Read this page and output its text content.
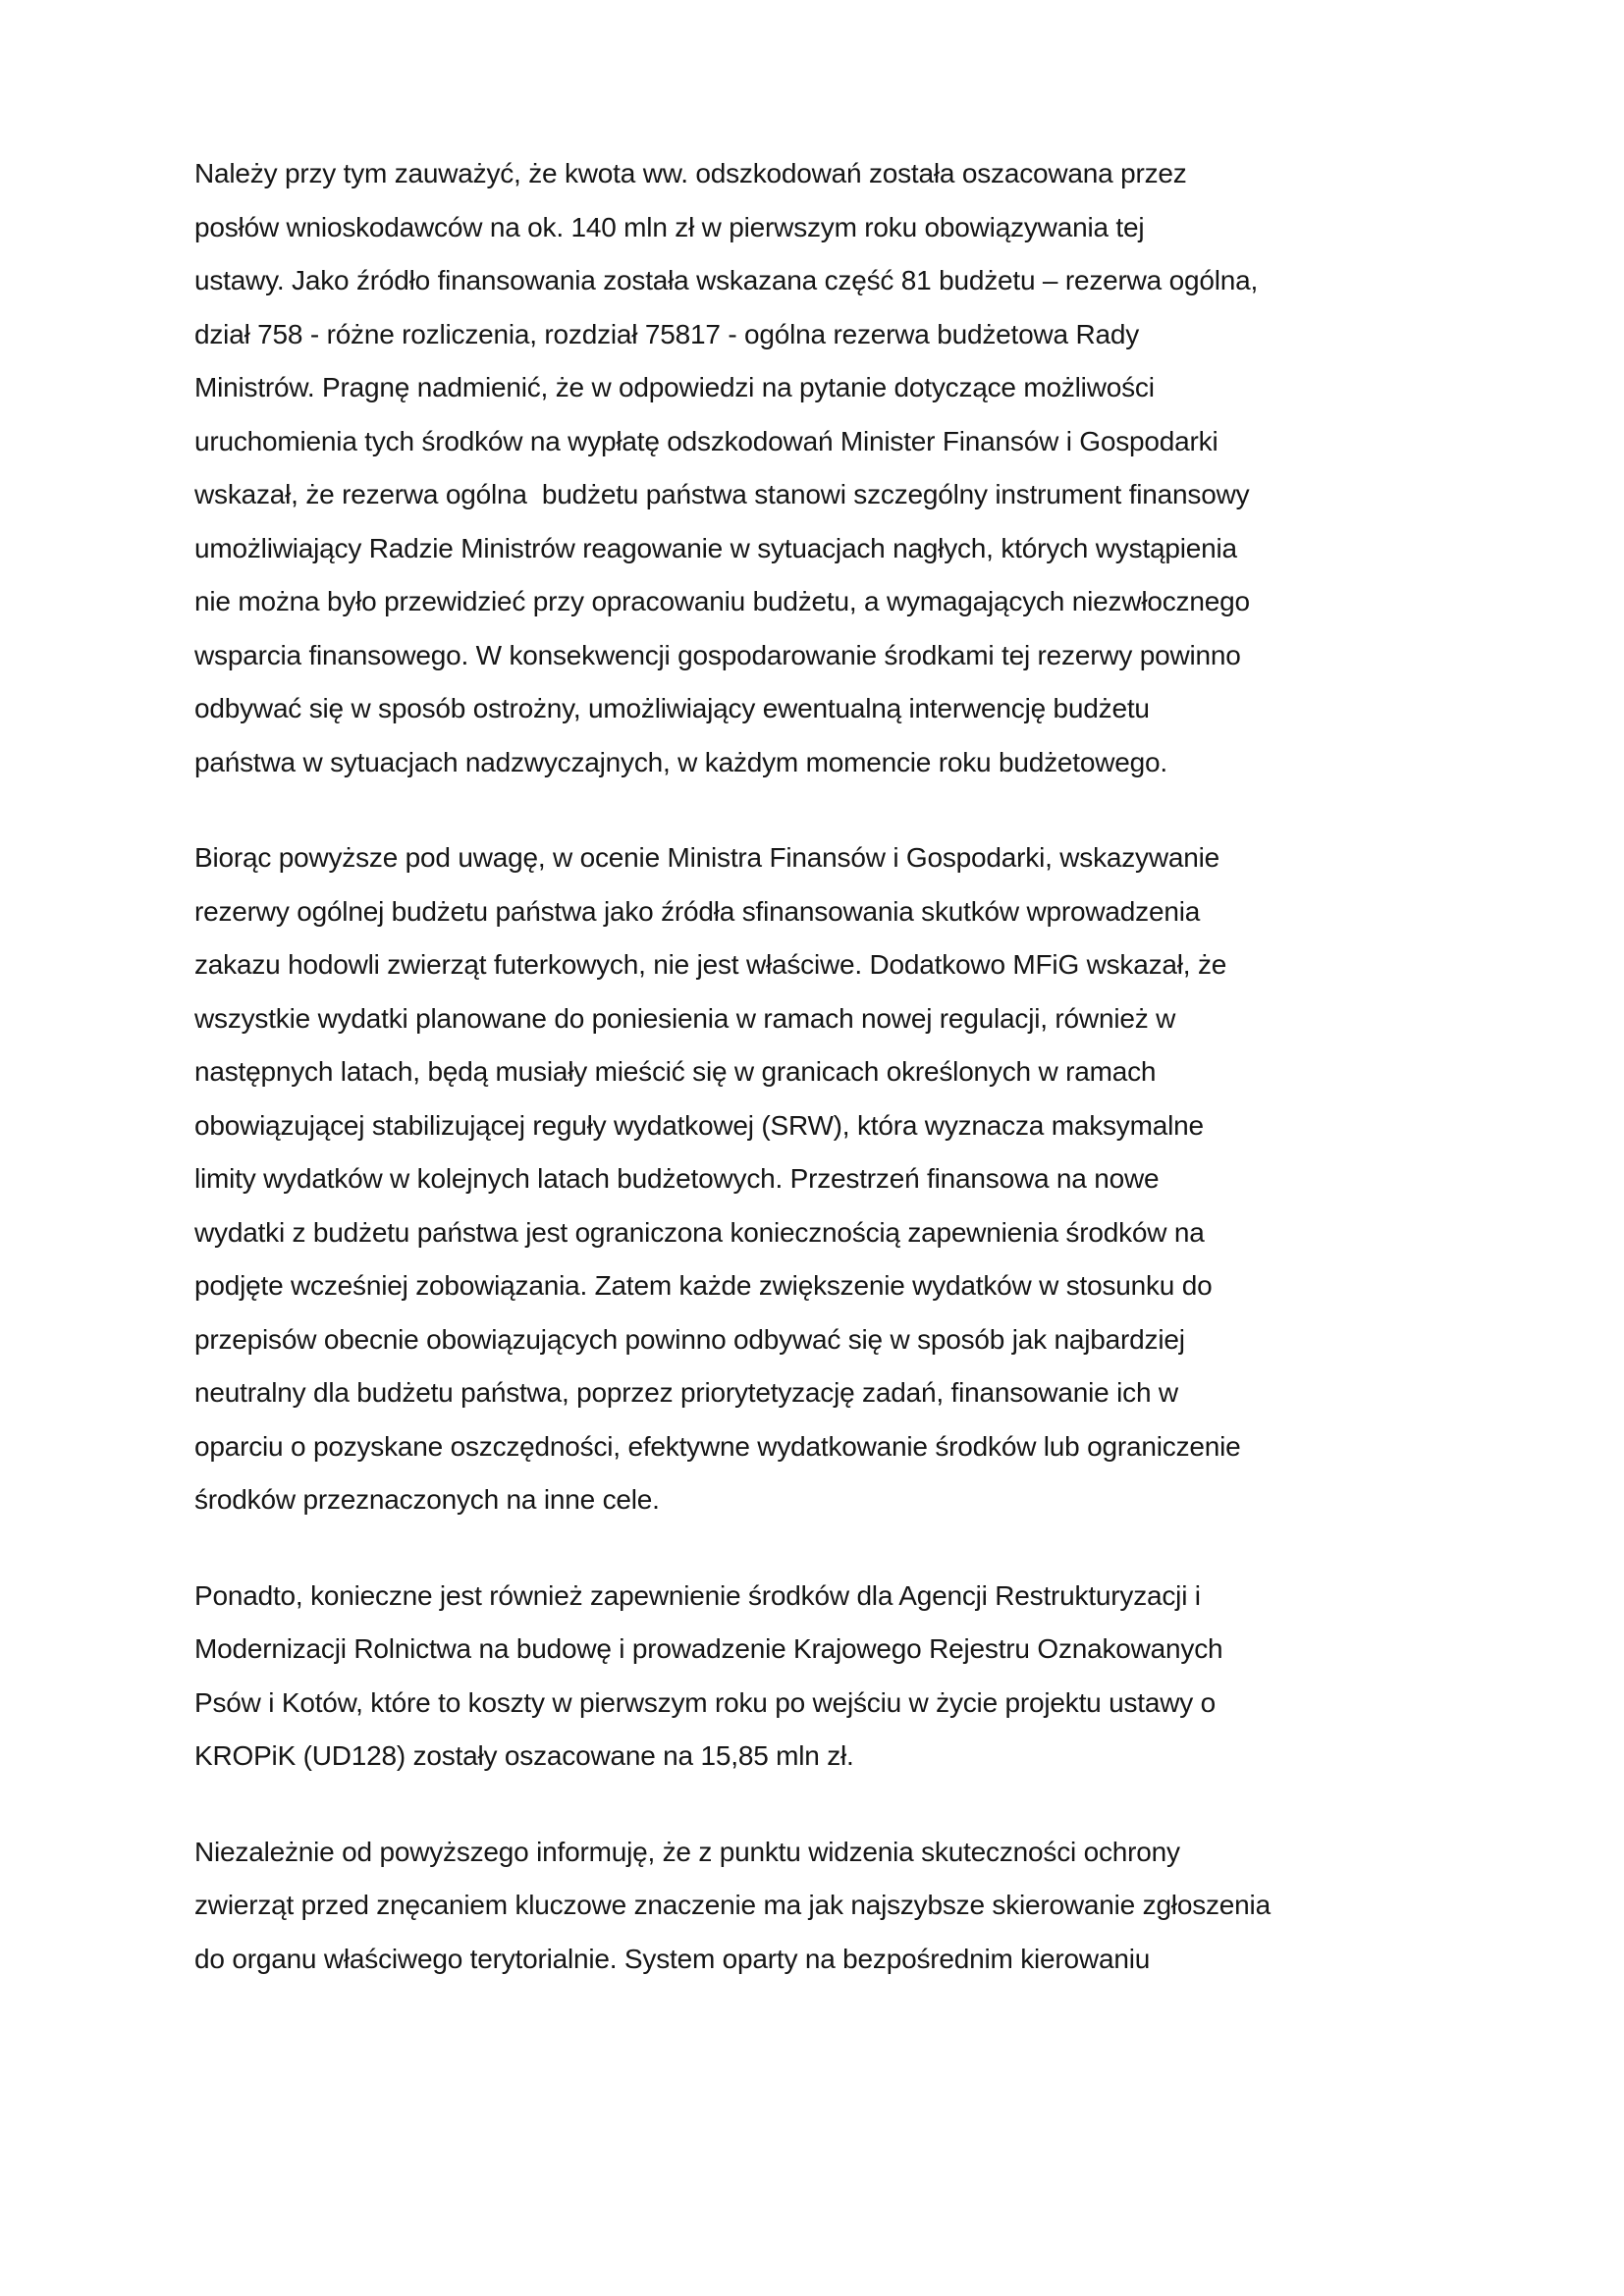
Należy przy tym zauważyć, że kwota ww. odszkodowań została oszacowana przez
posłów wnioskodawców na ok. 140 mln zł w pierwszym roku obowiązywania tej
ustawy. Jako źródło finansowania została wskazana część 81 budżetu – rezerwa ogólna,
dział 758 - różne rozliczenia, rozdział 75817 - ogólna rezerwa budżetowa Rady
Ministrów. Pragnę nadmienić, że w odpowiedzi na pytanie dotyczące możliwości
uruchomienia tych środków na wypłatę odszkodowań Minister Finansów i Gospodarki
wskazał, że rezerwa ogólna  budżetu państwa stanowi szczególny instrument finansowy
umożliwiający Radzie Ministrów reagowanie w sytuacjach nagłych, których wystąpienia
nie można było przewidzieć przy opracowaniu budżetu, a wymagających niezwłocznego
wsparcia finansowego. W konsekwencji gospodarowanie środkami tej rezerwy powinno
odbywać się w sposób ostrożny, umożliwiający ewentualną interwencję budżetu
państwa w sytuacjach nadzwyczajnych, w każdym momencie roku budżetowego.

Biorąc powyższe pod uwagę, w ocenie Ministra Finansów i Gospodarki, wskazywanie
rezerwy ogólnej budżetu państwa jako źródła sfinansowania skutków wprowadzenia
zakazu hodowli zwierząt futerkowych, nie jest właściwe. Dodatkowo MFiG wskazał, że
wszystkie wydatki planowane do poniesienia w ramach nowej regulacji, również w
następnych latach, będą musiały mieścić się w granicach określonych w ramach
obowiązującej stabilizującej reguły wydatkowej (SRW), która wyznacza maksymalne
limity wydatków w kolejnych latach budżetowych. Przestrzeń finansowa na nowe
wydatki z budżetu państwa jest ograniczona koniecznością zapewnienia środków na
podjęte wcześniej zobowiązania. Zatem każde zwiększenie wydatków w stosunku do
przepisów obecnie obowiązujących powinno odbywać się w sposób jak najbardziej
neutralny dla budżetu państwa, poprzez priorytetyzację zadań, finansowanie ich w
oparciu o pozyskane oszczędności, efektywne wydatkowanie środków lub ograniczenie
środków przeznaczonych na inne cele.

Ponadto, konieczne jest również zapewnienie środków dla Agencji Restrukturyzacji i
Modernizacji Rolnictwa na budowę i prowadzenie Krajowego Rejestru Oznakowanych
Psów i Kotów, które to koszty w pierwszym roku po wejściu w życie projektu ustawy o
KROPiK (UD128) zostały oszacowane na 15,85 mln zł.

Niezależnie od powyższego informuję, że z punktu widzenia skuteczności ochrony
zwierząt przed znęcaniem kluczowe znaczenie ma jak najszybsze skierowanie zgłoszenia
do organu właściwego terytorialnie. System oparty na bezpośrednim kierowaniu
